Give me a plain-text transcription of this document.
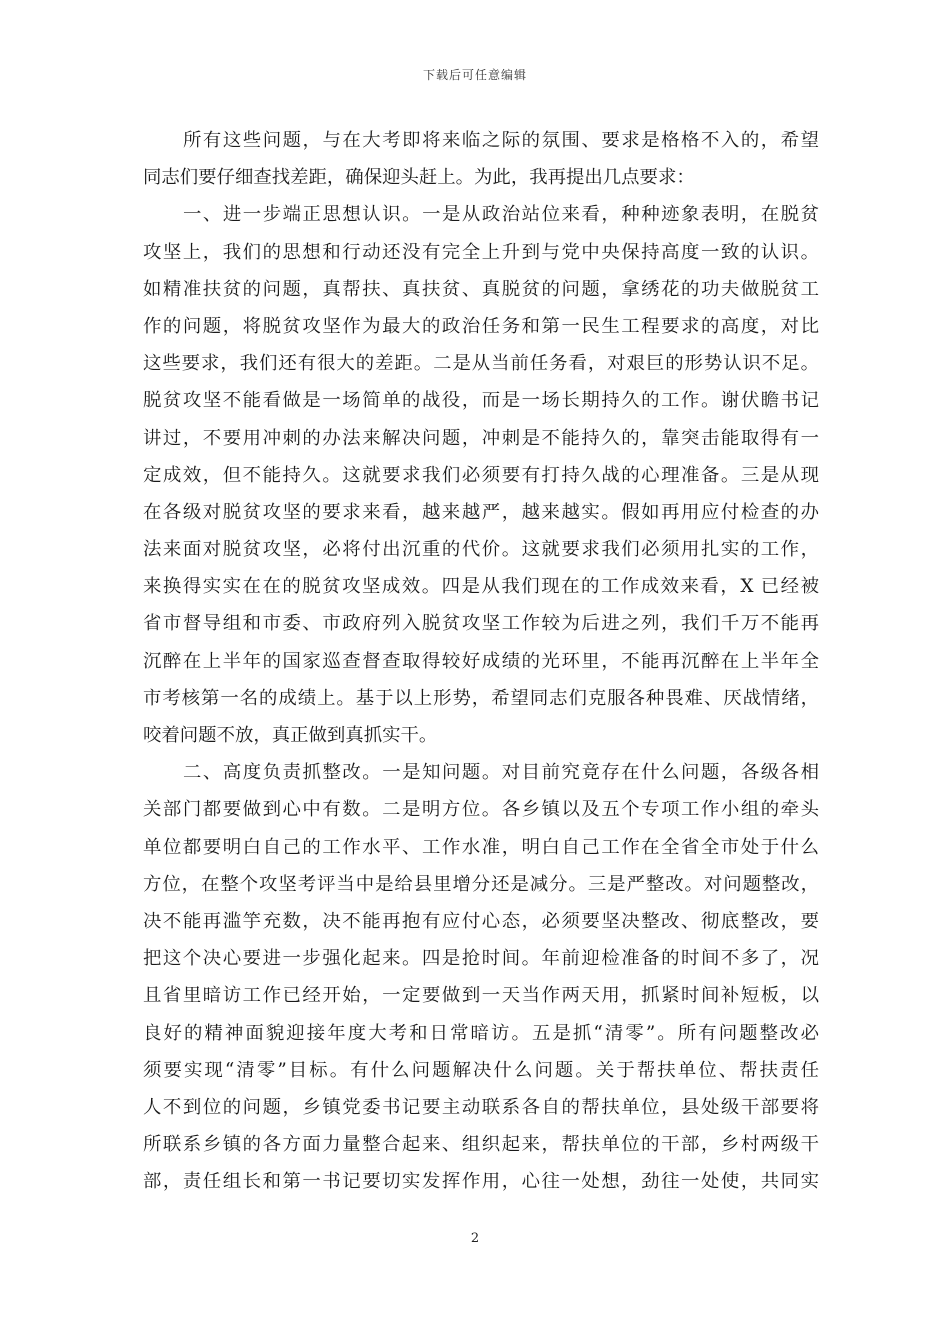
下载后可任意编辑
所有这些问题，与在大考即将来临之际的氛围、要求是格格不入的，希望
同志们要仔细查找差距，确保迎头赶上。为此，我再提出几点要求：
一、进一步端正思想认识。一是从政治站位来看，种种迹象表明，在脱贫
攻坚上，我们的思想和行动还没有完全上升到与党中央保持高度一致的认识。
如精准扶贫的问题，真帮扶、真扶贫、真脱贫的问题，拿绣花的功夫做脱贫工
作的问题，将脱贫攻坚作为最大的政治任务和第一民生工程要求的高度，对比
这些要求，我们还有很大的差距。二是从当前任务看，对艰巨的形势认识不足。
脱贫攻坚不能看做是一场简单的战役，而是一场长期持久的工作。谢伏瞻书记
讲过，不要用冲刺的办法来解决问题，冲刺是不能持久的，靠突击能取得有一
定成效，但不能持久。这就要求我们必须要有打持久战的心理准备。三是从现
在各级对脱贫攻坚的要求来看，越来越严，越来越实。假如再用应付检查的办
法来面对脱贫攻坚，必将付出沉重的代价。这就要求我们必须用扎实的工作，
来换得实实在在的脱贫攻坚成效。四是从我们现在的工作成效来看，X 已经被
省市督导组和市委、市政府列入脱贫攻坚工作较为后进之列，我们千万不能再
沉醉在上半年的国家巡查督查取得较好成绩的光环里，不能再沉醉在上半年全
市考核第一名的成绩上。基于以上形势，希望同志们克服各种畏难、厌战情绪，
咬着问题不放，真正做到真抓实干。
二、高度负责抓整改。一是知问题。对目前究竟存在什么问题，各级各相
关部门都要做到心中有数。二是明方位。各乡镇以及五个专项工作小组的牵头
单位都要明白自己的工作水平、工作水准，明白自己工作在全省全市处于什么
方位，在整个攻坚考评当中是给县里增分还是减分。三是严整改。对问题整改，
决不能再滥竽充数，决不能再抱有应付心态，必须要坚决整改、彻底整改，要
把这个决心要进一步强化起来。四是抢时间。年前迎检准备的时间不多了，况
且省里暗访工作已经开始，一定要做到一天当作两天用，抓紧时间补短板，以
良好的精神面貌迎接年度大考和日常暗访。五是抓“清零”。所有问题整改必
须要实现“清零”目标。有什么问题解决什么问题。关于帮扶单位、帮扶责任
人不到位的问题，乡镇党委书记要主动联系各自的帮扶单位，县处级干部要将
所联系乡镇的各方面力量整合起来、组织起来，帮扶单位的干部，乡村两级干
部，责任组长和第一书记要切实发挥作用，心往一处想，劲往一处使，共同实
2
